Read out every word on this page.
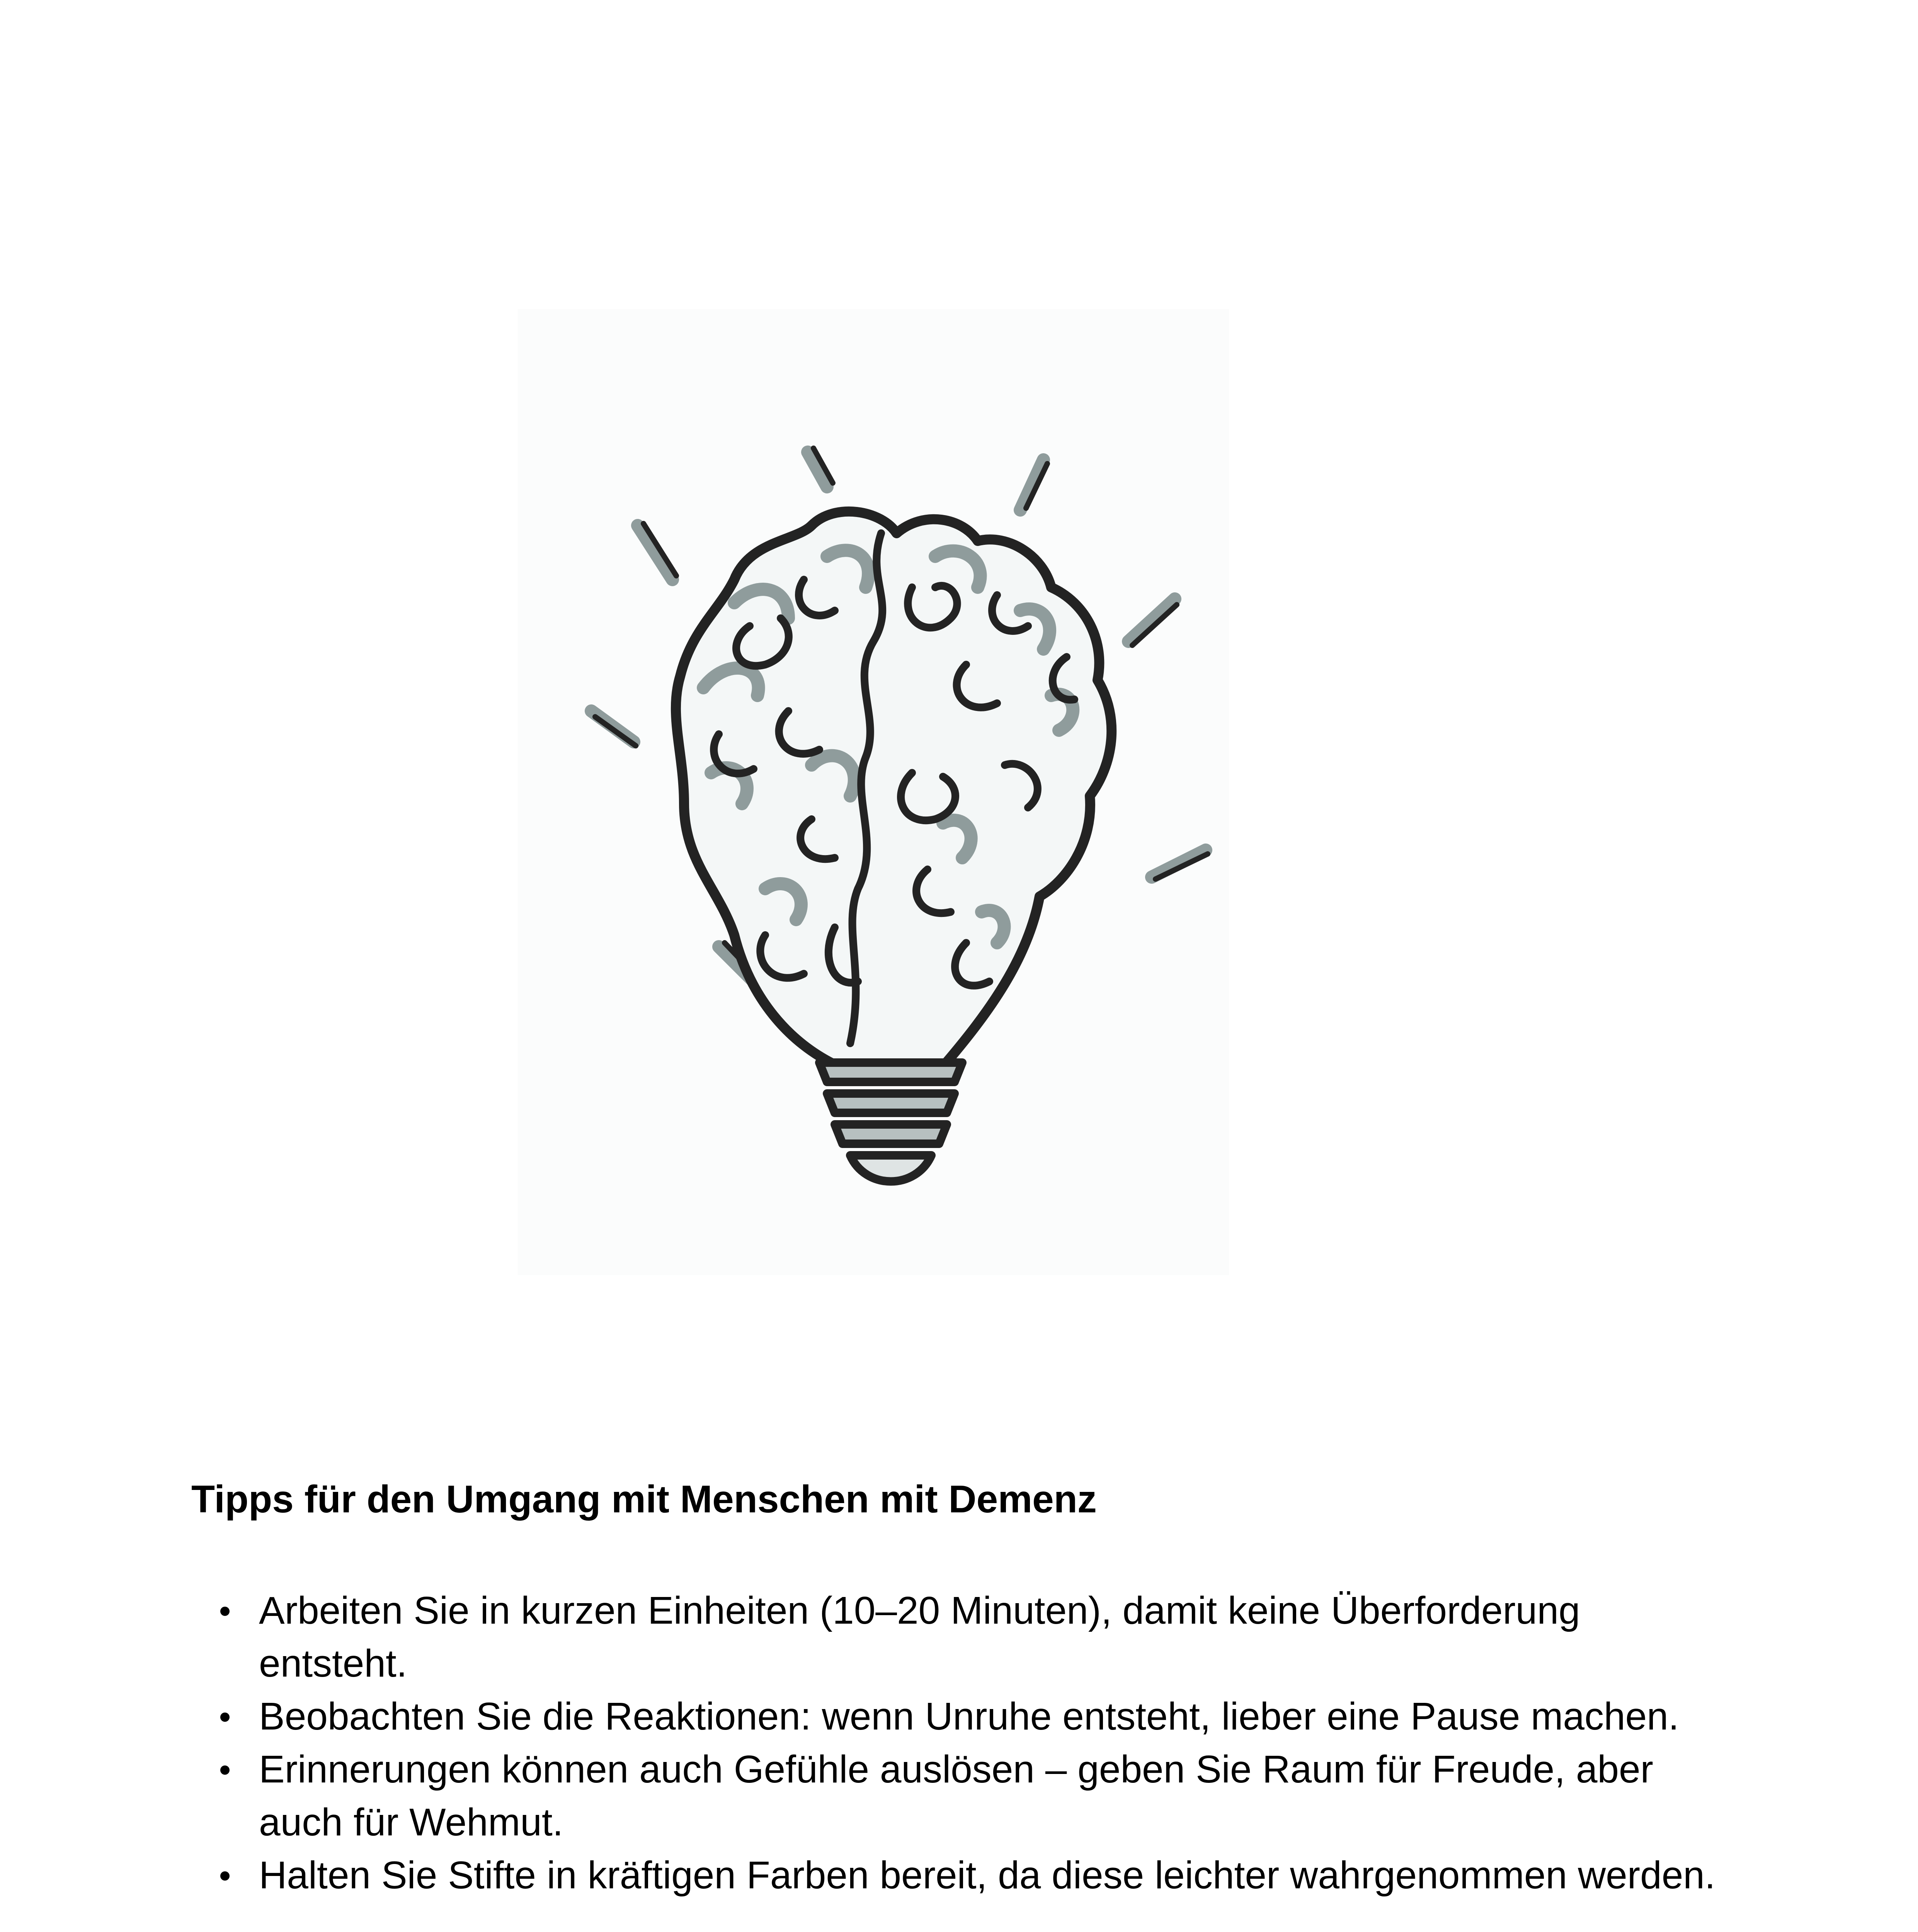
Tipps für den Umgang mit Menschen mit Demenz
Arbeiten Sie in kurzen Einheiten (10–20 Minuten), damit keine Überforderung entsteht.
Beobachten Sie die Reaktionen: wenn Unruhe entsteht, lieber eine Pause machen.
Erinnerungen können auch Gefühle auslösen – geben Sie Raum für Freude, aber auch für Wehmut.
Halten Sie Stifte in kräftigen Farben bereit, da diese leichter wahrgenommen werden.
